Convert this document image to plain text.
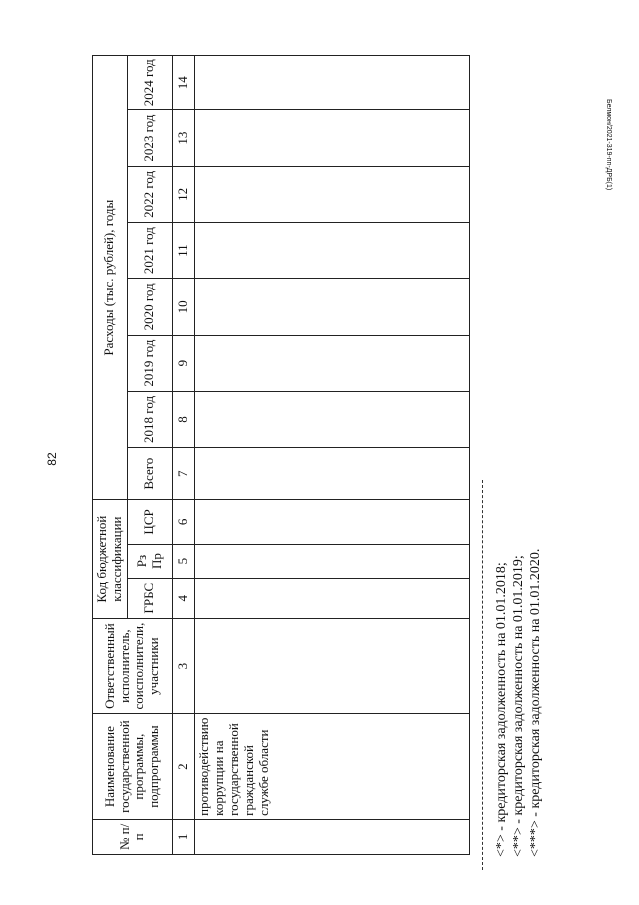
82
Белмон/2021-319-пп-ДРБ(1)
№ п/п	Наименование государственной программы, подпрограммы	Ответственный исполнитель, соисполнители, участники	Код бюджетной классификации			Расходы (тыс. рублей), годы							
			ГРБС	Рз Пр	ЦСР	Всего	2018 год	2019 год	2020 год	2021 год	2022 год	2023 год	2024 год
1	2	3	4	5	6	7	8	9	10	11	12	13	14
	противодействию коррупции на государственной гражданской службе области													<*> - кредиторская задолженность на 01.01.2018; <**> - кредиторская задолженность на 01.01.2019; <***> - кредиторская задолженность на 01.01.2020.
